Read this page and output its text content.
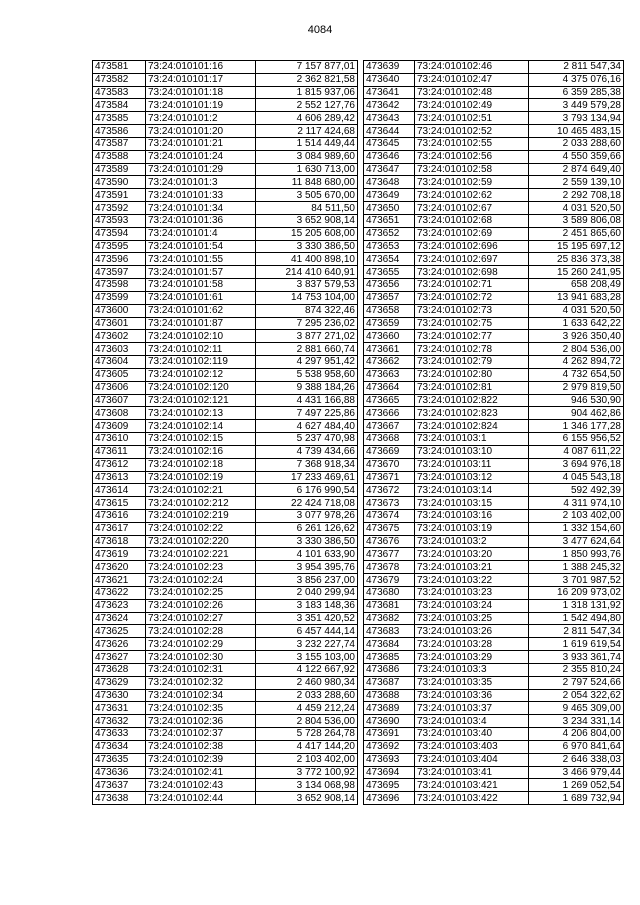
4084
473581	73:24:010101:16	7 157 877,01
473582	73:24:010101:17	2 362 821,58
473583	73:24:010101:18	1 815 937,06
473584	73:24:010101:19	2 552 127,76
473585	73:24:010101:2	4 606 289,42
473586	73:24:010101:20	2 117 424,68
473587	73:24:010101:21	1 514 449,44
473588	73:24:010101:24	3 084 989,60
473589	73:24:010101:29	1 630 713,00
473590	73:24:010101:3	11 848 680,00
473591	73:24:010101:33	3 505 670,00
473592	73:24:010101:34	84 511,50
473593	73:24:010101:36	3 652 908,14
473594	73:24:010101:4	15 205 608,00
473595	73:24:010101:54	3 330 386,50
473596	73:24:010101:55	41 400 898,10
473597	73:24:010101:57	214 410 640,91
473598	73:24:010101:58	3 837 579,53
473599	73:24:010101:61	14 753 104,00
473600	73:24:010101:62	874 322,46
473601	73:24:010101:87	7 295 236,02
473602	73:24:010102:10	3 877 271,02
473603	73:24:010102:11	2 881 660,74
473604	73:24:010102:119	4 297 951,42
473605	73:24:010102:12	5 538 958,60
473606	73:24:010102:120	9 388 184,26
473607	73:24:010102:121	4 431 166,88
473608	73:24:010102:13	7 497 225,86
473609	73:24:010102:14	4 627 484,40
473610	73:24:010102:15	5 237 470,98
473611	73:24:010102:16	4 739 434,66
473612	73:24:010102:18	7 368 918,34
473613	73:24:010102:19	17 233 469,61
473614	73:24:010102:21	6 176 990,54
473615	73:24:010102:212	22 424 718,08
473616	73:24:010102:219	3 077 978,26
473617	73:24:010102:22	6 261 126,62
473618	73:24:010102:220	3 330 386,50
473619	73:24:010102:221	4 101 633,90
473620	73:24:010102:23	3 954 395,76
473621	73:24:010102:24	3 856 237,00
473622	73:24:010102:25	2 040 299,94
473623	73:24:010102:26	3 183 148,36
473624	73:24:010102:27	3 351 420,52
473625	73:24:010102:28	6 457 444,14
473626	73:24:010102:29	3 232 227,74
473627	73:24:010102:30	3 155 103,00
473628	73:24:010102:31	4 122 667,92
473629	73:24:010102:32	2 460 980,34
473630	73:24:010102:34	2 033 288,60
473631	73:24:010102:35	4 459 212,24
473632	73:24:010102:36	2 804 536,00
473633	73:24:010102:37	5 728 264,78
473634	73:24:010102:38	4 417 144,20
473635	73:24:010102:39	2 103 402,00
473636	73:24:010102:41	3 772 100,92
473637	73:24:010102:43	3 134 068,98
473638	73:24:010102:44	3 652 908,14
473639	73:24:010102:46	2 811 547,34
473640	73:24:010102:47	4 375 076,16
473641	73:24:010102:48	6 359 285,38
473642	73:24:010102:49	3 449 579,28
473643	73:24:010102:51	3 793 134,94
473644	73:24:010102:52	10 465 483,15
473645	73:24:010102:55	2 033 288,60
473646	73:24:010102:56	4 550 359,66
473647	73:24:010102:58	2 874 649,40
473648	73:24:010102:59	2 559 139,10
473649	73:24:010102:62	2 292 708,18
473650	73:24:010102:67	4 031 520,50
473651	73:24:010102:68	3 589 806,08
473652	73:24:010102:69	2 451 865,60
473653	73:24:010102:696	15 195 697,12
473654	73:24:010102:697	25 836 373,38
473655	73:24:010102:698	15 260 241,95
473656	73:24:010102:71	658 208,49
473657	73:24:010102:72	13 941 683,28
473658	73:24:010102:73	4 031 520,50
473659	73:24:010102:75	1 633 642,22
473660	73:24:010102:77	3 926 350,40
473661	73:24:010102:78	2 804 536,00
473662	73:24:010102:79	4 262 894,72
473663	73:24:010102:80	4 732 654,50
473664	73:24:010102:81	2 979 819,50
473665	73:24:010102:822	946 530,90
473666	73:24:010102:823	904 462,86
473667	73:24:010102:824	1 346 177,28
473668	73:24:010103:1	6 155 956,52
473669	73:24:010103:10	4 087 611,22
473670	73:24:010103:11	3 694 976,18
473671	73:24:010103:12	4 045 543,18
473672	73:24:010103:14	592 492,39
473673	73:24:010103:15	4 311 974,10
473674	73:24:010103:16	2 103 402,00
473675	73:24:010103:19	1 332 154,60
473676	73:24:010103:2	3 477 624,64
473677	73:24:010103:20	1 850 993,76
473678	73:24:010103:21	1 388 245,32
473679	73:24:010103:22	3 701 987,52
473680	73:24:010103:23	16 209 973,02
473681	73:24:010103:24	1 318 131,92
473682	73:24:010103:25	1 542 494,80
473683	73:24:010103:26	2 811 547,34
473684	73:24:010103:28	1 619 619,54
473685	73:24:010103:29	3 933 361,74
473686	73:24:010103:3	2 355 810,24
473687	73:24:010103:35	2 797 524,66
473688	73:24:010103:36	2 054 322,62
473689	73:24:010103:37	9 465 309,00
473690	73:24:010103:4	3 234 331,14
473691	73:24:010103:40	4 206 804,00
473692	73:24:010103:403	6 970 841,64
473693	73:24:010103:404	2 646 338,03
473694	73:24:010103:41	3 466 979,44
473695	73:24:010103:421	1 269 052,54
473696	73:24:010103:422	1 689 732,94
